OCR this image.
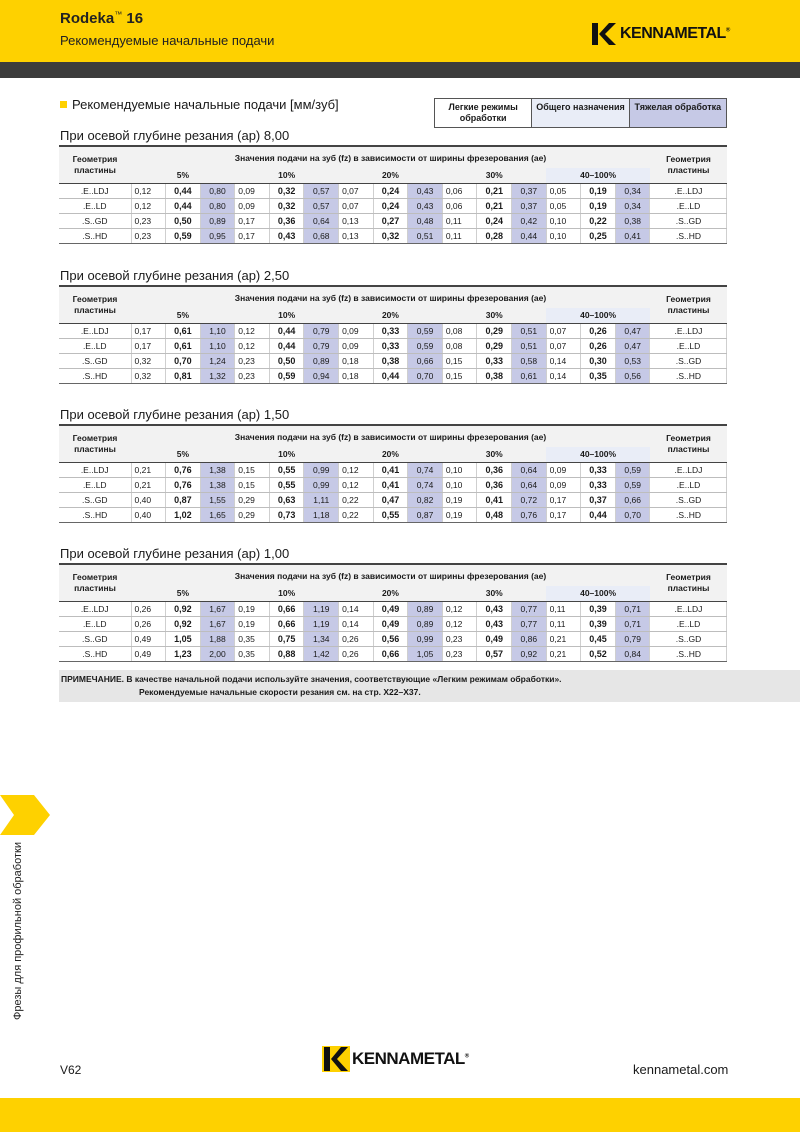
Rodeka™ 16
Рекомендуемые начальные подачи	KENNAMETAL®
Рекомендуемые начальные подачи [мм/зуб]	Легкие режимы обработки
Общего назначения	Тяжелая обработка
При осевой глубине резания (ap) 8,00
Геометрия пластины	Значения подачи на зуб (fz) в зависимости от ширины фрезерования (ae)															Геометрия пластины
	5%			10%			20%			30%			40–100%			
.E..LDJ	0,12	0,44	0,80	0,09	0,32	0,57	0,07	0,24	0,43	0,06	0,21	0,37	0,05	0,19	0,34	.E..LDJ
.E..LD	0,12	0,44	0,80	0,09	0,32	0,57	0,07	0,24	0,43	0,06	0,21	0,37	0,05	0,19	0,34	.E..LD
.S..GD	0,23	0,50	0,89	0,17	0,36	0,64	0,13	0,27	0,48	0,11	0,24	0,42	0,10	0,22	0,38	.S..GD
.S..HD	0,23	0,59	0,95	0,17	0,43	0,68	0,13	0,32	0,51	0,11	0,28	0,44	0,10	0,25	0,41	.S..HD
При осевой глубине резания (ap) 2,50
Геометрия пластины	Значения подачи на зуб (fz) в зависимости от ширины фрезерования (ae)															Геометрия пластины
	5%			10%			20%			30%			40–100%			
.E..LDJ	0,17	0,61	1,10	0,12	0,44	0,79	0,09	0,33	0,59	0,08	0,29	0,51	0,07	0,26	0,47	.E..LDJ
.E..LD	0,17	0,61	1,10	0,12	0,44	0,79	0,09	0,33	0,59	0,08	0,29	0,51	0,07	0,26	0,47	.E..LD
.S..GD	0,32	0,70	1,24	0,23	0,50	0,89	0,18	0,38	0,66	0,15	0,33	0,58	0,14	0,30	0,53	.S..GD
.S..HD	0,32	0,81	1,32	0,23	0,59	0,94	0,18	0,44	0,70	0,15	0,38	0,61	0,14	0,35	0,56	.S..HD
При осевой глубине резания (ap) 1,50
Геометрия пластины	Значения подачи на зуб (fz) в зависимости от ширины фрезерования (ae)															Геометрия пластины
	5%			10%			20%			30%			40–100%			
.E..LDJ	0,21	0,76	1,38	0,15	0,55	0,99	0,12	0,41	0,74	0,10	0,36	0,64	0,09	0,33	0,59	.E..LDJ
.E..LD	0,21	0,76	1,38	0,15	0,55	0,99	0,12	0,41	0,74	0,10	0,36	0,64	0,09	0,33	0,59	.E..LD
.S..GD	0,40	0,87	1,55	0,29	0,63	1,11	0,22	0,47	0,82	0,19	0,41	0,72	0,17	0,37	0,66	.S..GD
.S..HD	0,40	1,02	1,65	0,29	0,73	1,18	0,22	0,55	0,87	0,19	0,48	0,76	0,17	0,44	0,70	.S..HD
При осевой глубине резания (ap) 1,00
Геометрия пластины	Значения подачи на зуб (fz) в зависимости от ширины фрезерования (ae)															Геометрия пластины
	5%			10%			20%			30%			40–100%			
.E..LDJ	0,26	0,92	1,67	0,19	0,66	1,19	0,14	0,49	0,89	0,12	0,43	0,77	0,11	0,39	0,71	.E..LDJ
.E..LD	0,26	0,92	1,67	0,19	0,66	1,19	0,14	0,49	0,89	0,12	0,43	0,77	0,11	0,39	0,71	.E..LD
.S..GD	0,49	1,05	1,88	0,35	0,75	1,34	0,26	0,56	0,99	0,23	0,49	0,86	0,21	0,45	0,79	.S..GD
.S..HD	0,49	1,23	2,00	0,35	0,88	1,42	0,26	0,66	1,05	0,23	0,57	0,92	0,21	0,52	0,84	.S..HD
ПРИМЕЧАНИЕ. В качестве начальной подачи используйте значения, соответствующие «Легким режимам обработки».
Рекомендуемые начальные скорости резания см. на стр. X22–X37.
Фрезы для профильной обработки
V62
KENNAMETAL®
kennametal.com
